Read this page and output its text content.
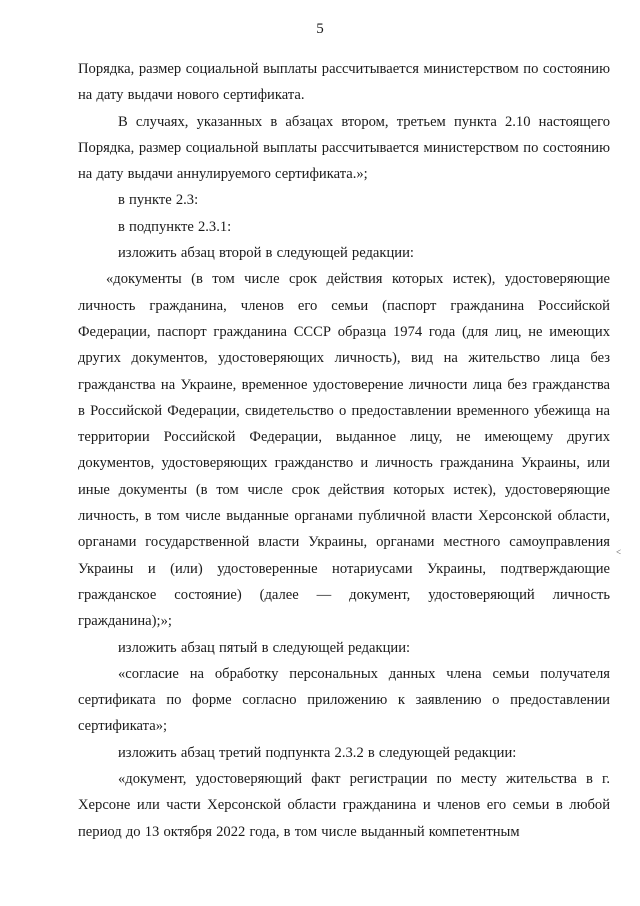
5

Порядка, размер социальной выплаты рассчитывается министерством по состоянию на дату выдачи нового сертификата.

В случаях, указанных в абзацах втором, третьем пункта 2.10 настоящего Порядка, размер социальной выплаты рассчитывается министерством по состоянию на дату выдачи аннулируемого сертификата.»;

в пункте 2.3:

в подпункте 2.3.1:

изложить абзац второй в следующей редакции:

«документы (в том числе срок действия которых истек), удостоверяющие личность гражданина, членов его семьи (паспорт гражданина Российской Федерации, паспорт гражданина СССР образца 1974 года (для лиц, не имеющих других документов, удостоверяющих личность), вид на жительство лица без гражданства на Украине, временное удостоверение личности лица без гражданства в Российской Федерации, свидетельство о предоставлении временного убежища на территории Российской Федерации, выданное лицу, не имеющему других документов, удостоверяющих гражданство и личность гражданина Украины, или иные документы (в том числе срок действия которых истек), удостоверяющие личность, в том числе выданные органами публичной власти Херсонской области, органами государственной власти Украины, органами местного самоуправления Украины и (или) удостоверенные нотариусами Украины, подтверждающие гражданское состояние) (далее — документ, удостоверяющий личность гражданина);»;

изложить абзац пятый в следующей редакции:

«согласие на обработку персональных данных члена семьи получателя сертификата по форме согласно приложению к заявлению о предоставлении сертификата»;

изложить абзац третий подпункта 2.3.2 в следующей редакции:

«документ, удостоверяющий факт регистрации по месту жительства в г. Херсоне или части Херсонской области гражданина и членов его семьи в любой период до 13 октября 2022 года, в том числе выданный компетентным

<
